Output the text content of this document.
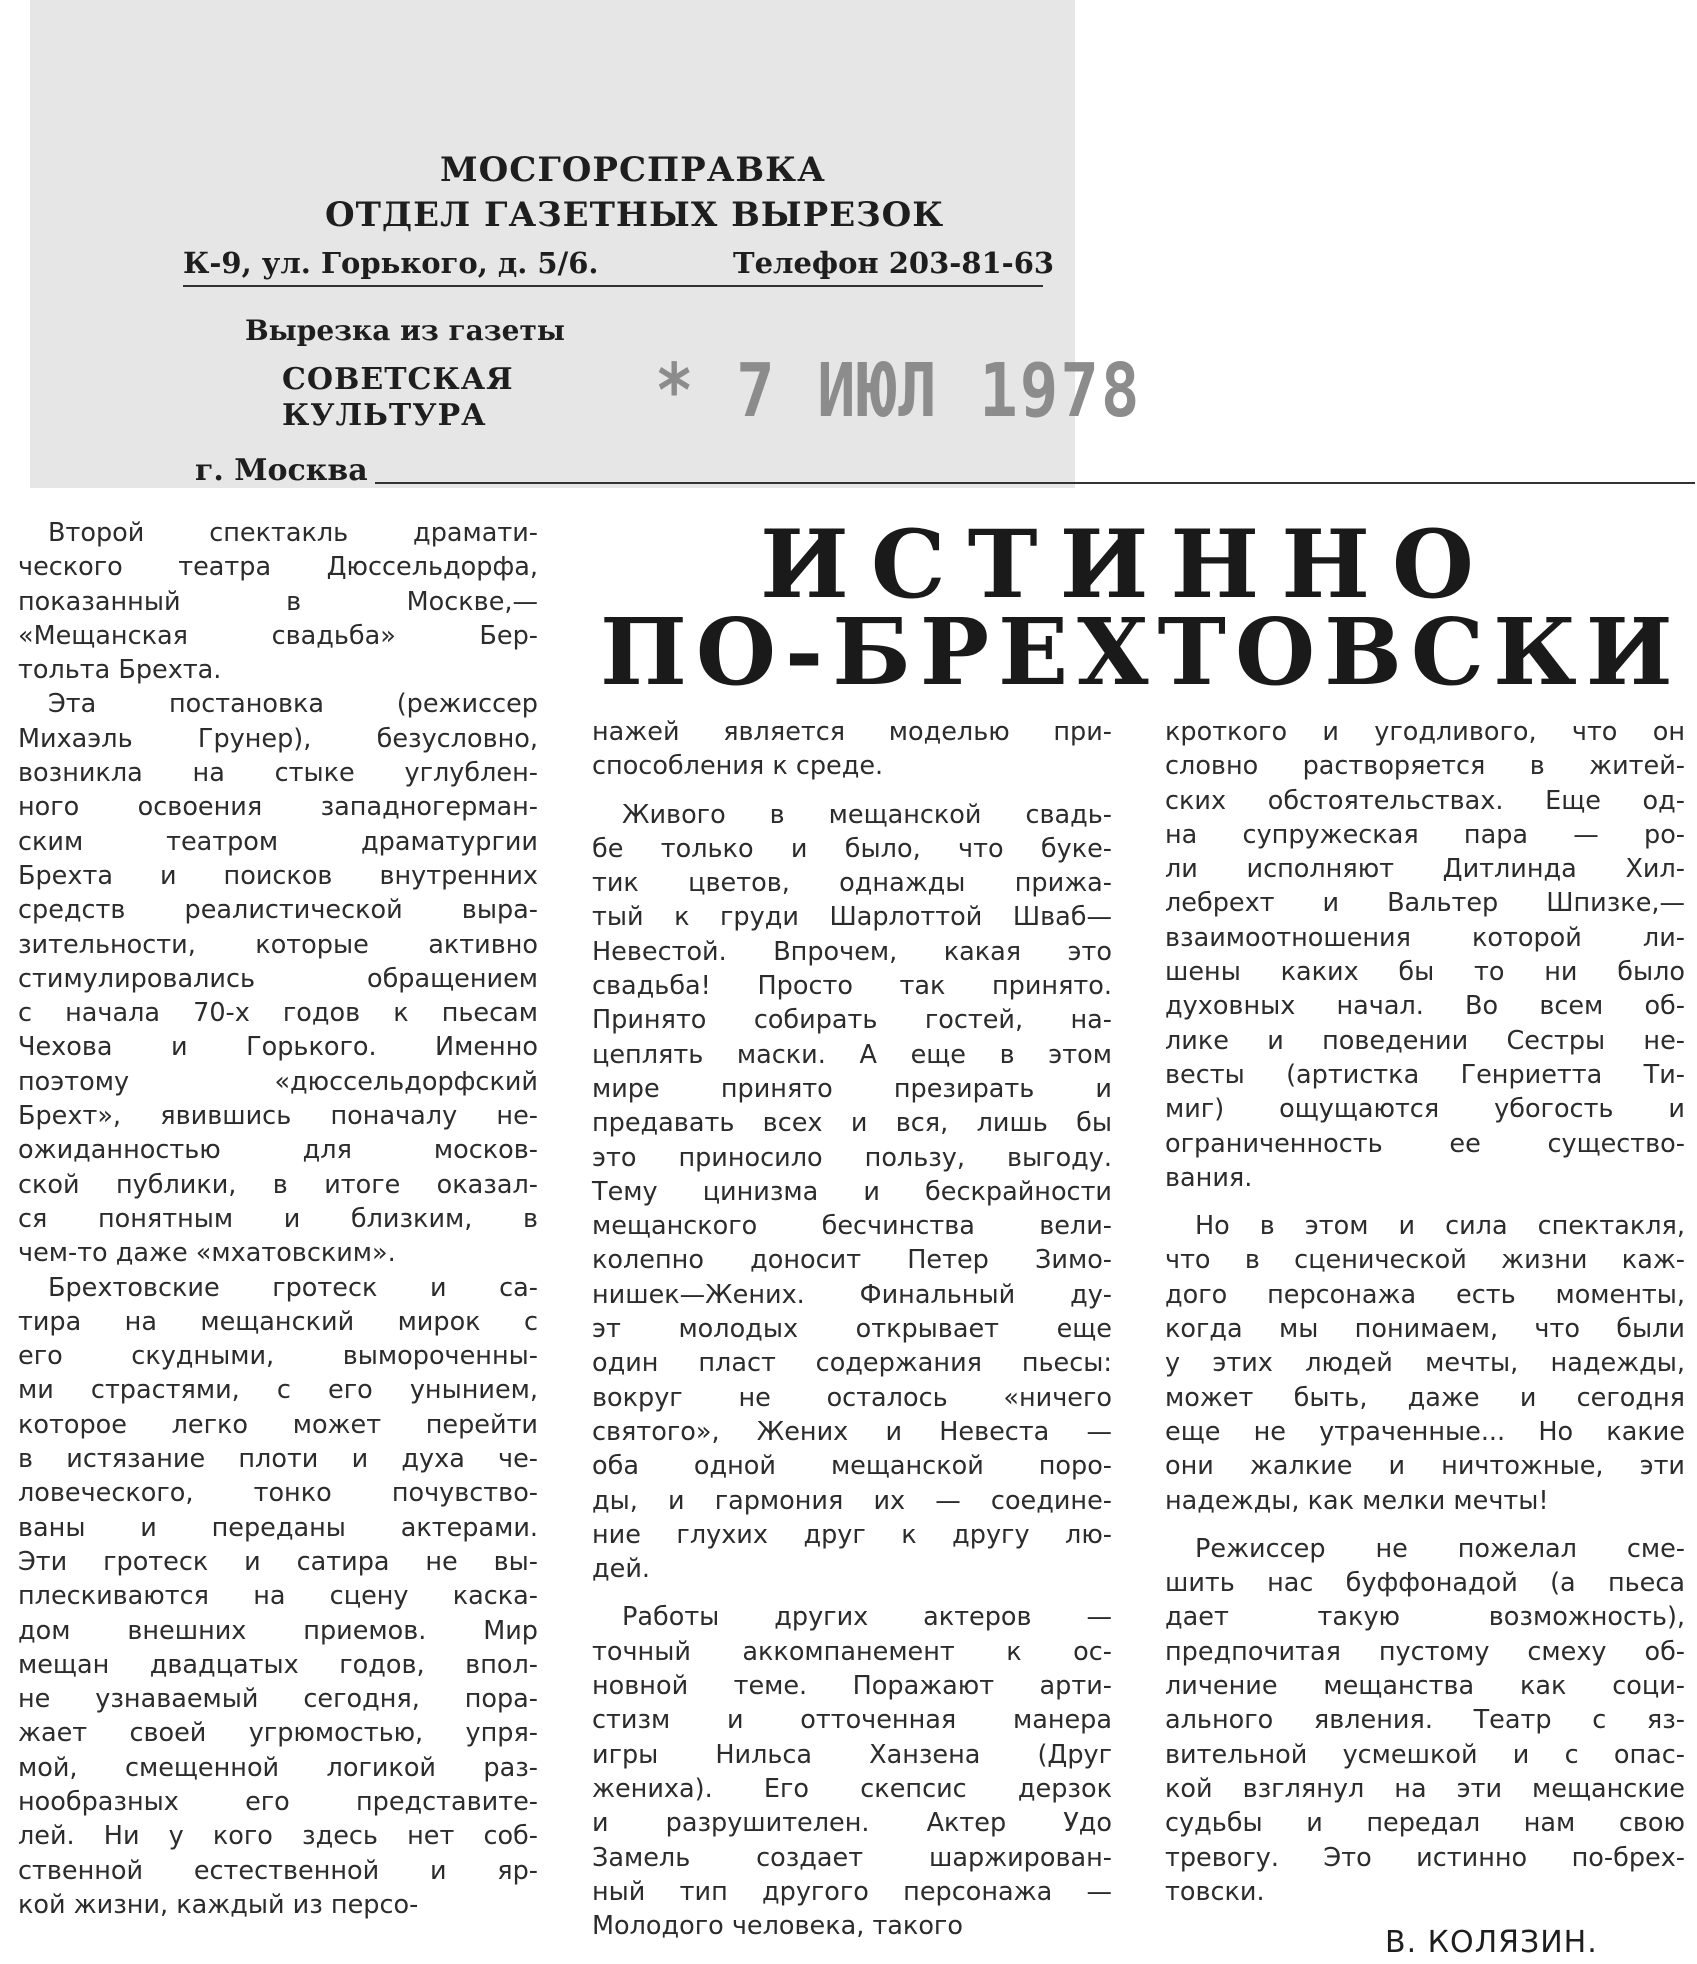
МОСГОРСПРАВКА
ОТДЕЛ ГАЗЕТНЫХ ВЫРЕЗОК
К-9, ул. Горького, д. 5/6.	Телефон 203-81-63
Вырезка из газеты
СОВЕТСКАЯ
КУЛЬТУРА
г. Москва
* 7 ИЮЛ 1978
ИСТИННО
ПО-БРЕХТОВСКИ
Второй спектакль драмати-
ческого театра Дюссельдорфа,
показанный в Москве,—
«Мещанская свадьба» Бер-
тольта Брехта.
Эта постановка (режиссер
Михаэль Грунер), безусловно,
возникла на стыке углублен-
ного освоения западногерман-
ским театром драматургии
Брехта и поисков внутренних
средств реалистической выра-
зительности, которые активно
стимулировались обращением
с начала 70-х годов к пьесам
Чехова и Горького. Именно
поэтому «дюссельдорфский
Брехт», явившись поначалу не-
ожиданностью для москов-
ской публики, в итоге оказал-
ся понятным и близким, в
чем-то даже «мхатовским».
Брехтовские гротеск и са-
тира на мещанский мирок с
его скудными, вымороченны-
ми страстями, с его унынием,
которое легко может перейти
в истязание плоти и духа че-
ловеческого, тонко почувство-
ваны и переданы актерами.
Эти гротеск и сатира не вы-
плескиваются на сцену каска-
дом внешних приемов. Мир
мещан двадцатых годов, впол-
не узнаваемый сегодня, пора-
жает своей угрюмостью, упря-
мой, смещенной логикой раз-
нообразных его представите-
лей. Ни у кого здесь нет соб-
ственной естественной и яр-
кой жизни, каждый из персо-
нажей является моделью при-
способления к среде.
Живого в мещанской свадь-
бе только и было, что буке-
тик цветов, однажды прижа-
тый к груди Шарлоттой Шваб—
Невестой. Впрочем, какая это
свадьба! Просто так принято.
Принято собирать гостей, на-
цеплять маски. А еще в этом
мире принято презирать и
предавать всех и вся, лишь бы
это приносило пользу, выгоду.
Тему цинизма и бескрайности
мещанского бесчинства вели-
колепно доносит Петер Зимо-
нишек—Жених. Финальный ду-
эт молодых открывает еще
один пласт содержания пьесы:
вокруг не осталось «ничего
святого», Жених и Невеста —
оба одной мещанской поро-
ды, и гармония их — соедине-
ние глухих друг к другу лю-
дей.
Работы других актеров —
точный аккомпанемент к ос-
новной теме. Поражают арти-
стизм и отточенная манера
игры Нильса Ханзена (Друг
жениха). Его скепсис дерзок
и разрушителен. Актер Удо
Замель создает шаржирован-
ный тип другого персонажа —
Молодого человека, такого
кроткого и угодливого, что он
словно растворяется в житей-
ских обстоятельствах. Еще од-
на супружеская пара — ро-
ли исполняют Дитлинда Хил-
лебрехт и Вальтер Шпизке,—
взаимоотношения которой ли-
шены каких бы то ни было
духовных начал. Во всем об-
лике и поведении Сестры не-
весты (артистка Генриетта Ти-
миг) ощущаются убогость и
ограниченность ее существо-
вания.
Но в этом и сила спектакля,
что в сценической жизни каж-
дого персонажа есть моменты,
когда мы понимаем, что были
у этих людей мечты, надежды,
может быть, даже и сегодня
еще не утраченные... Но какие
они жалкие и ничтожные, эти
надежды, как мелки мечты!
Режиссер не пожелал сме-
шить нас буффонадой (а пьеса
дает такую возможность),
предпочитая пустому смеху об-
личение мещанства как соци-
ального явления. Театр с яз-
вительной усмешкой и с опас-
кой взглянул на эти мещанские
судьбы и передал нам свою
тревогу. Это истинно по-брех-
товски.
В. КОЛЯЗИН.
